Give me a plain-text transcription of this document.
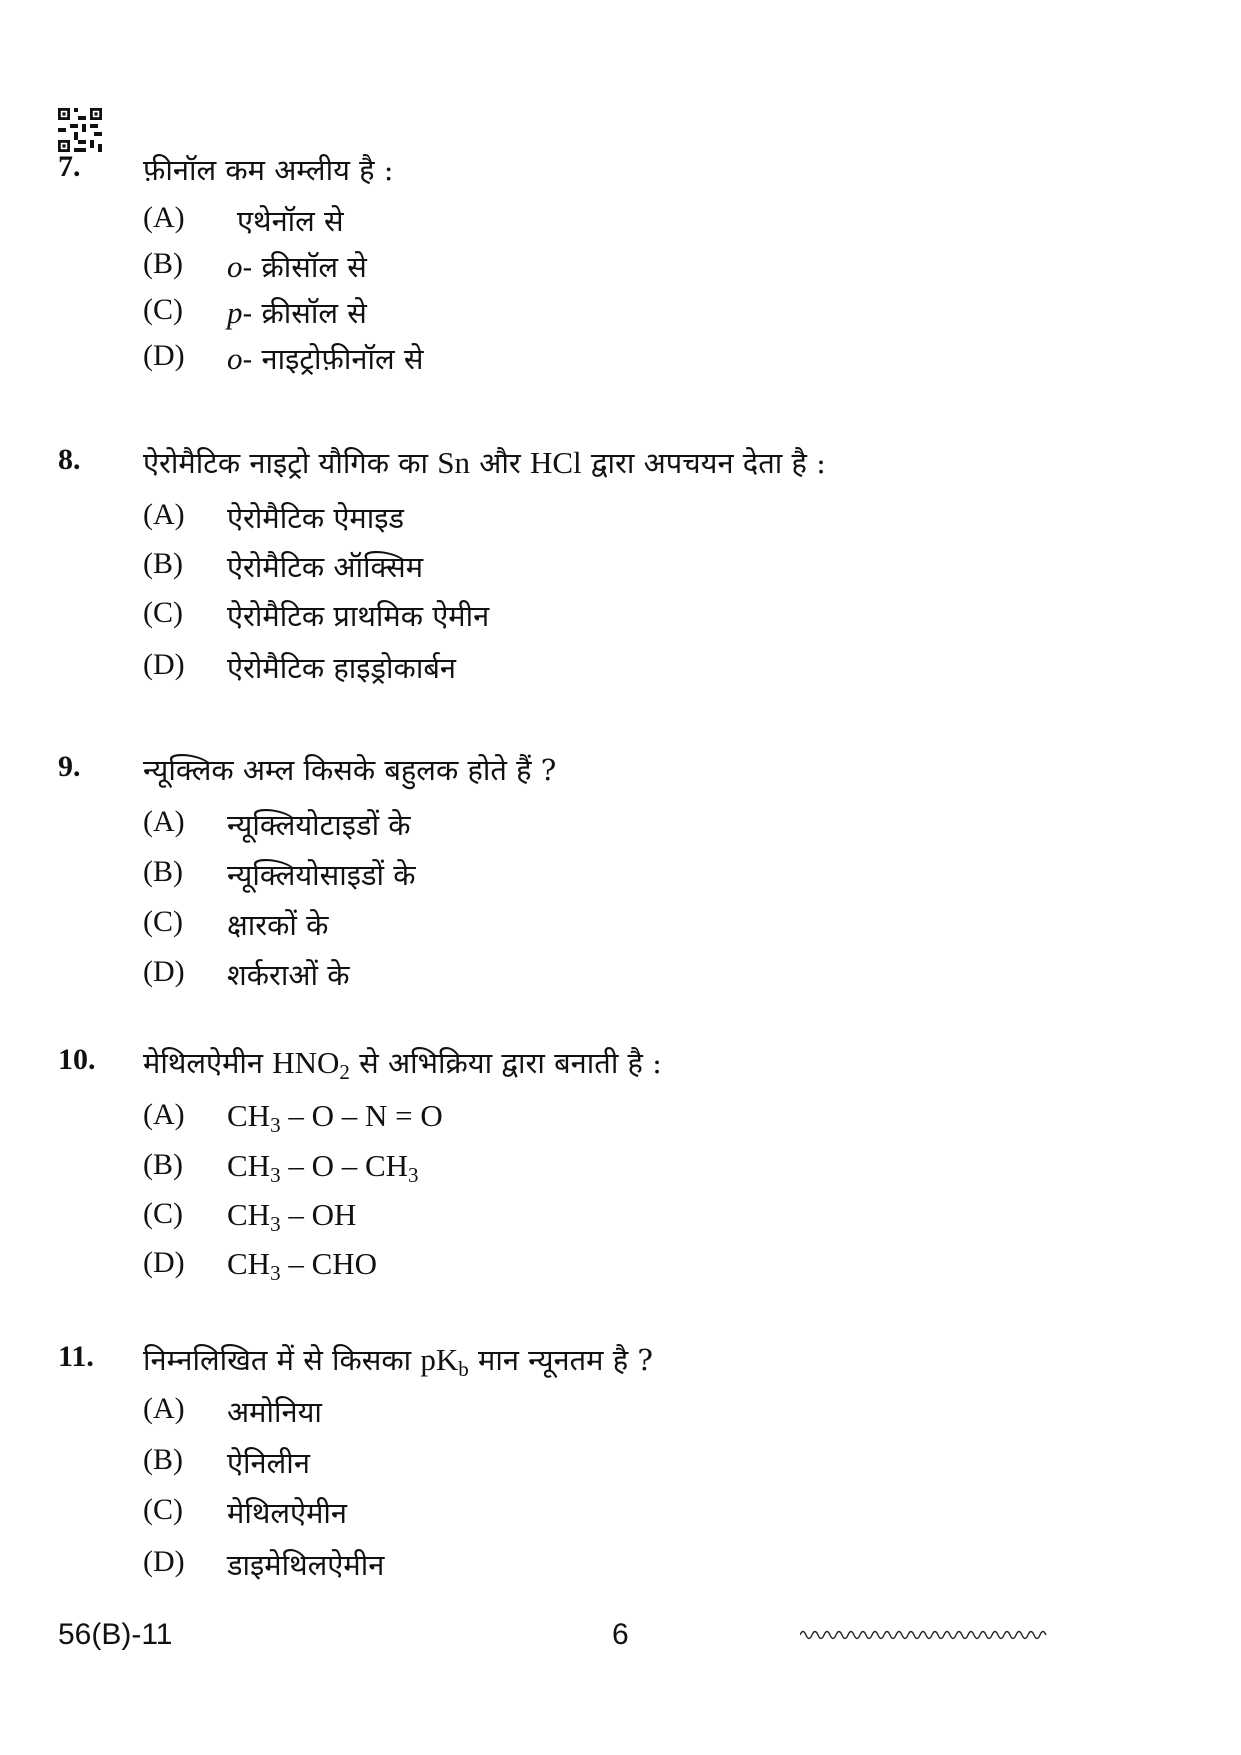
7. फ़ीनॉल कम अम्लीय है :
(A)	एथेनॉल से
(B)	o- क्रीसॉल से
(C)	p- क्रीसॉल से
(D)	o- नाइट्रोफ़ीनॉल से
8. ऐरोमैटिक नाइट्रो यौगिक का Sn और HCl द्वारा अपचयन देता है :
(A)	ऐरोमैटिक ऐमाइड
(B)	ऐरोमैटिक ऑक्सिम
(C)	ऐरोमैटिक प्राथमिक ऐमीन
(D)	ऐरोमैटिक हाइड्रोकार्बन
9. न्यूक्लिक अम्ल किसके बहुलक होते हैं ?
(A)	न्यूक्लियोटाइडों के
(B)	न्यूक्लियोसाइडों के
(C)	क्षारकों के
(D)	शर्कराओं के
10. मेथिलऐमीन $HNO_2$ से अभिक्रिया द्वारा बनाती है :
(A)	$CH_3 - O - N = O$
(B)	$CH_3$ – O – $CH_3$
(C)	$CH_3$ – OH
(D)	$CH_3$ – CHO
11. निम्नलिखित में से किसका $pK_b$ मान न्यूनतम है ?
(A)	अमोनिया
(B)	ऐनिलीन
(C)	मेथिलऐमीन
(D)	डाइमेथिलऐमीन
56(B)-11	6
